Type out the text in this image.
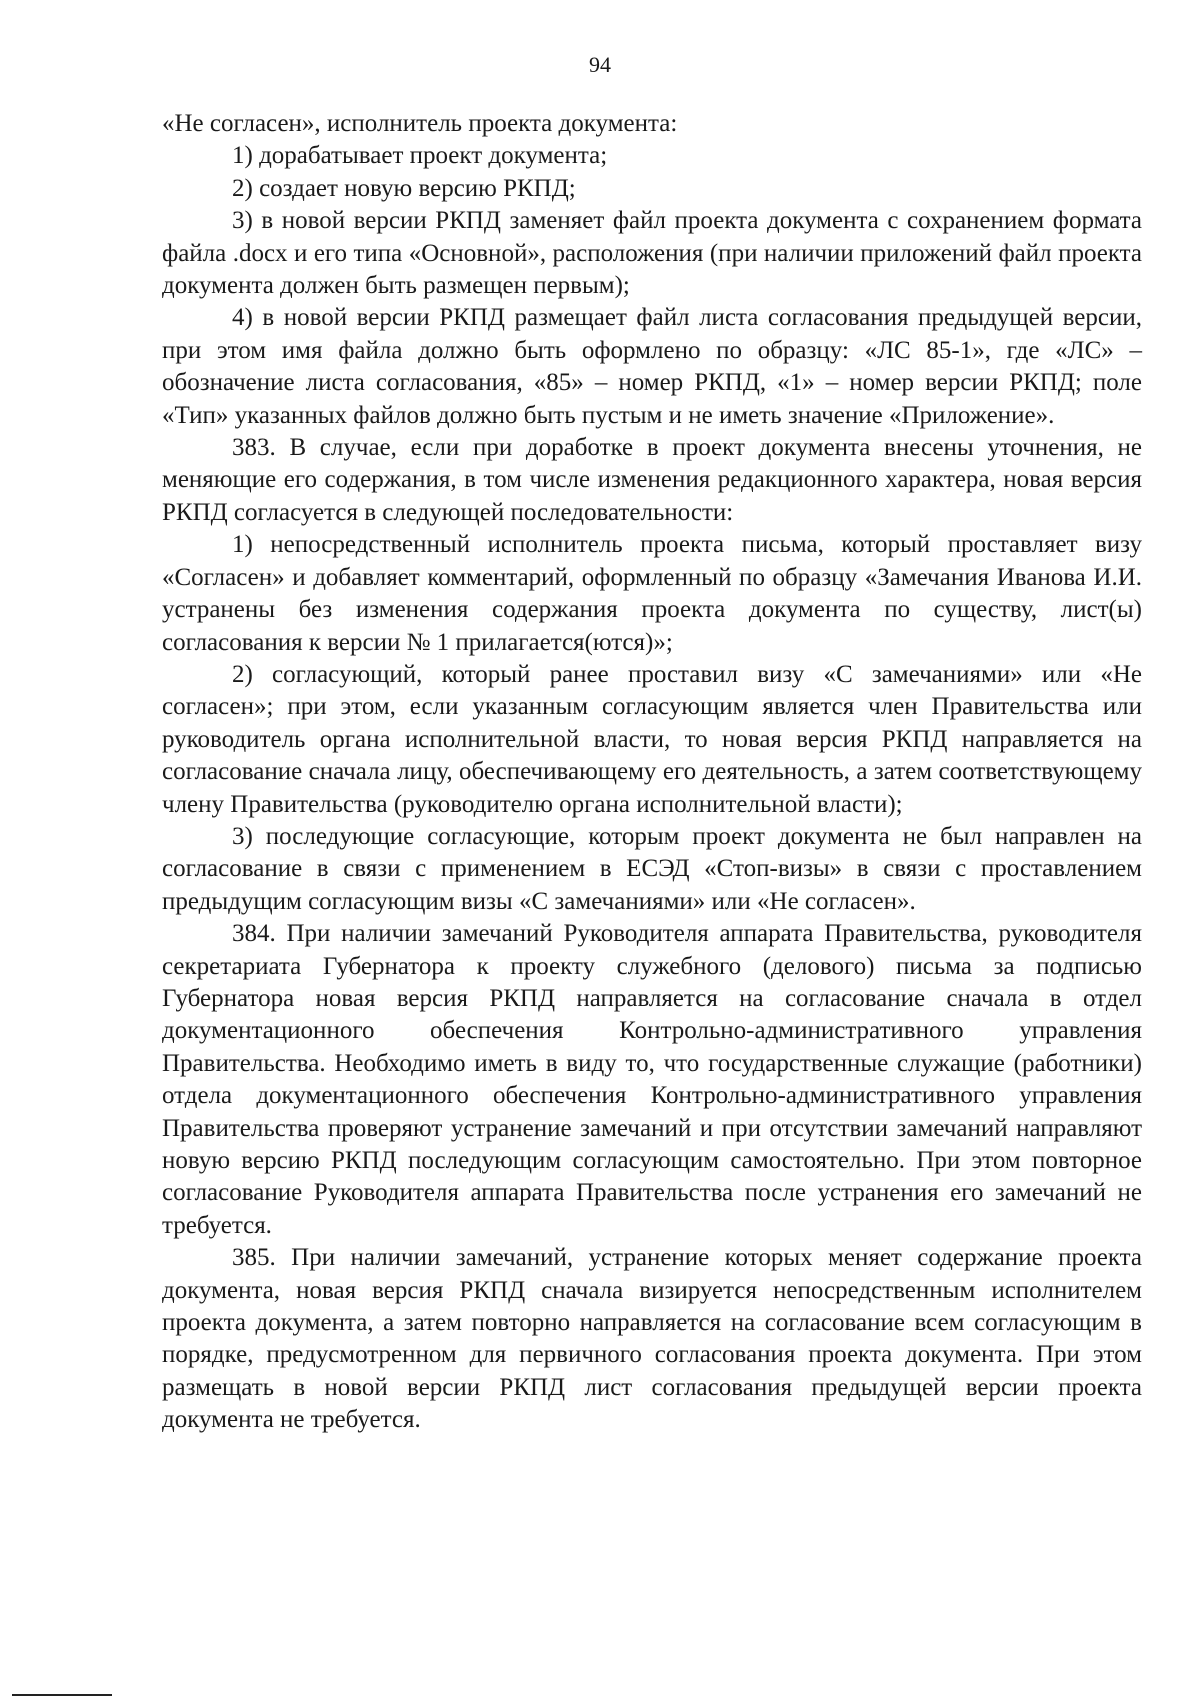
94

«Не согласен», исполнитель проекта документа:

1) дорабатывает проект документа;

2) создает новую версию РКПД;

3) в новой версии РКПД заменяет файл проекта документа с сохранением формата файла .docx и его типа «Основной», расположения (при наличии приложений файл проекта документа должен быть размещен первым);

4) в новой версии РКПД размещает файл листа согласования предыдущей версии, при этом имя файла должно быть оформлено по образцу: «ЛС 85-1», где «ЛС» – обозначение листа согласования, «85» – номер РКПД, «1» – номер версии РКПД; поле «Тип» указанных файлов должно быть пустым и не иметь значение «Приложение».

383. В случае, если при доработке в проект документа внесены уточнения, не меняющие его содержания, в том числе изменения редакционного характера, новая версия РКПД согласуется в следующей последовательности:

1) непосредственный исполнитель проекта письма, который проставляет визу «Согласен» и добавляет комментарий, оформленный по образцу «Замечания Иванова И.И. устранены без изменения содержания проекта документа по существу, лист(ы) согласования к версии № 1 прилагается(ются)»;

2) согласующий, который ранее проставил визу «С замечаниями» или «Не согласен»; при этом, если указанным согласующим является член Правительства или руководитель органа исполнительной власти, то новая версия РКПД направляется на согласование сначала лицу, обеспечивающему его деятельность, а затем соответствующему члену Правительства (руководителю органа исполнительной власти);

3) последующие согласующие, которым проект документа не был направлен на согласование в связи с применением в ЕСЭД «Стоп-визы» в связи с проставлением предыдущим согласующим визы «С замечаниями» или «Не согласен».

384. При наличии замечаний Руководителя аппарата Правительства, руководителя секретариата Губернатора к проекту служебного (делового) письма за подписью Губернатора новая версия РКПД направляется на согласование сначала в отдел документационного обеспечения Контрольно-административного управления Правительства. Необходимо иметь в виду то, что государственные служащие (работники) отдела документационного обеспечения Контрольно-административного управления Правительства проверяют устранение замечаний и при отсутствии замечаний направляют новую версию РКПД последующим согласующим самостоятельно. При этом повторное согласование Руководителя аппарата Правительства после устранения его замечаний не требуется.

385. При наличии замечаний, устранение которых меняет содержание проекта документа, новая версия РКПД сначала визируется непосредственным исполнителем проекта документа, а затем повторно направляется на согласование всем согласующим в порядке, предусмотренном для первичного согласования проекта документа. При этом размещать в новой версии РКПД лист согласования предыдущей версии проекта документа не требуется.
